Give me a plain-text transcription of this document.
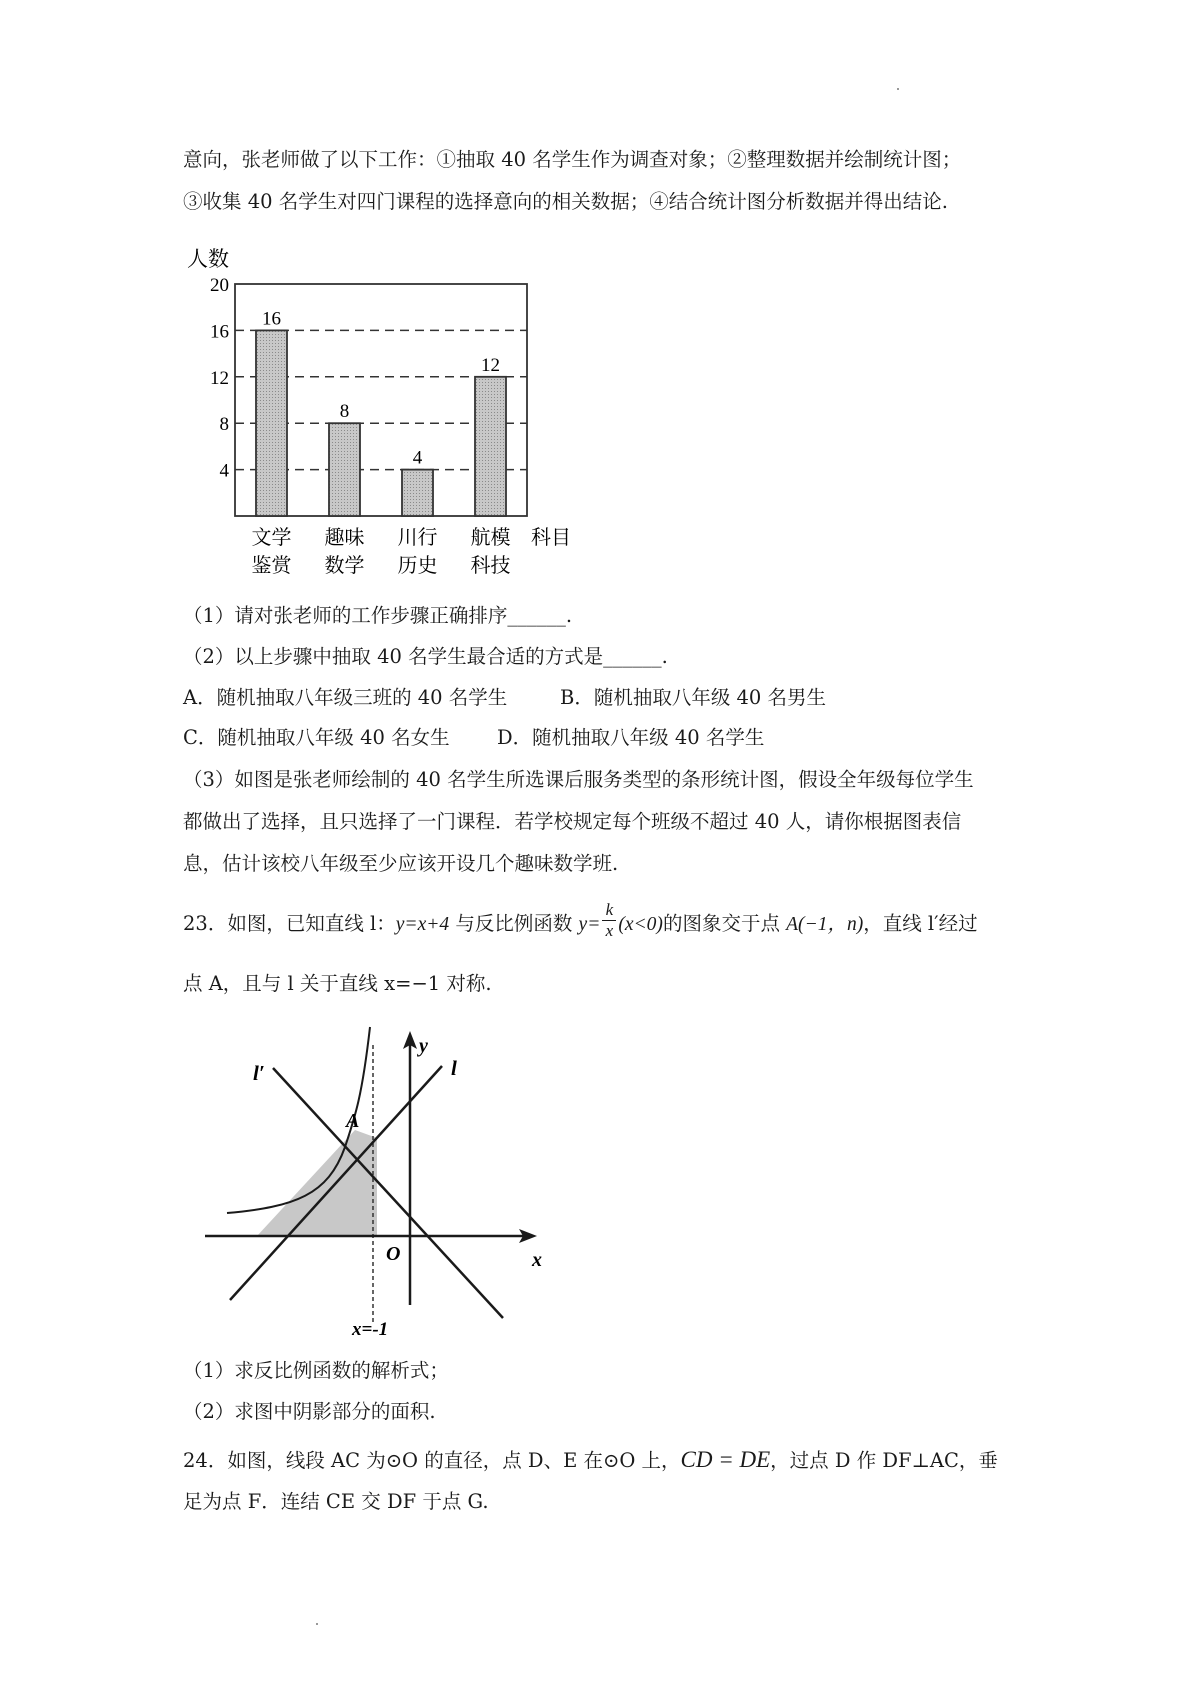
意向，张老师做了以下工作：①抽取 40 名学生作为调查对象；②整理数据并绘制统计图；
③收集 40 名学生对四门课程的选择意向的相关数据；④结合统计图分析数据并得出结论.
20
16
12
8
4
人数
16
文学
鉴赏
8
趣味
数学
4
川行
历史
12
航模
科技
科目
（1）请对张老师的工作步骤正确排序______.
（2）以上步骤中抽取 40 名学生最合适的方式是______.
A．随机抽取八年级三班的 40 名学生	B．随机抽取八年级 40 名男生
C．随机抽取八年级 40 名女生 D．随机抽取八年级 40 名学生
（3）如图是张老师绘制的 40 名学生所选课后服务类型的条形统计图，假设全年级每位学生
都做出了选择，且只选择了一门课程．若学校规定每个班级不超过 40 人，请你根据图表信
息，估计该校八年级至少应该开设几个趣味数学班.
23．如图，已知直线 l：y=x+4 与反比例函数 $y= \frac{k}{x} (x<0)$的图象交于点 A(−1，n)，直线 l′经过
点 A，且与 l 关于直线 x=−1 对称.
l′	l
y
x
A
O
x=-1
（1）求反比例函数的解析式；
（2）求图中阴影部分的面积.
24．如图，线段 AC 为⊙O 的直径，点 D、E 在⊙O 上，CD = DE，过点 D 作 DF⊥AC，垂
足为点 F．连结 CE 交 DF 于点 G.
